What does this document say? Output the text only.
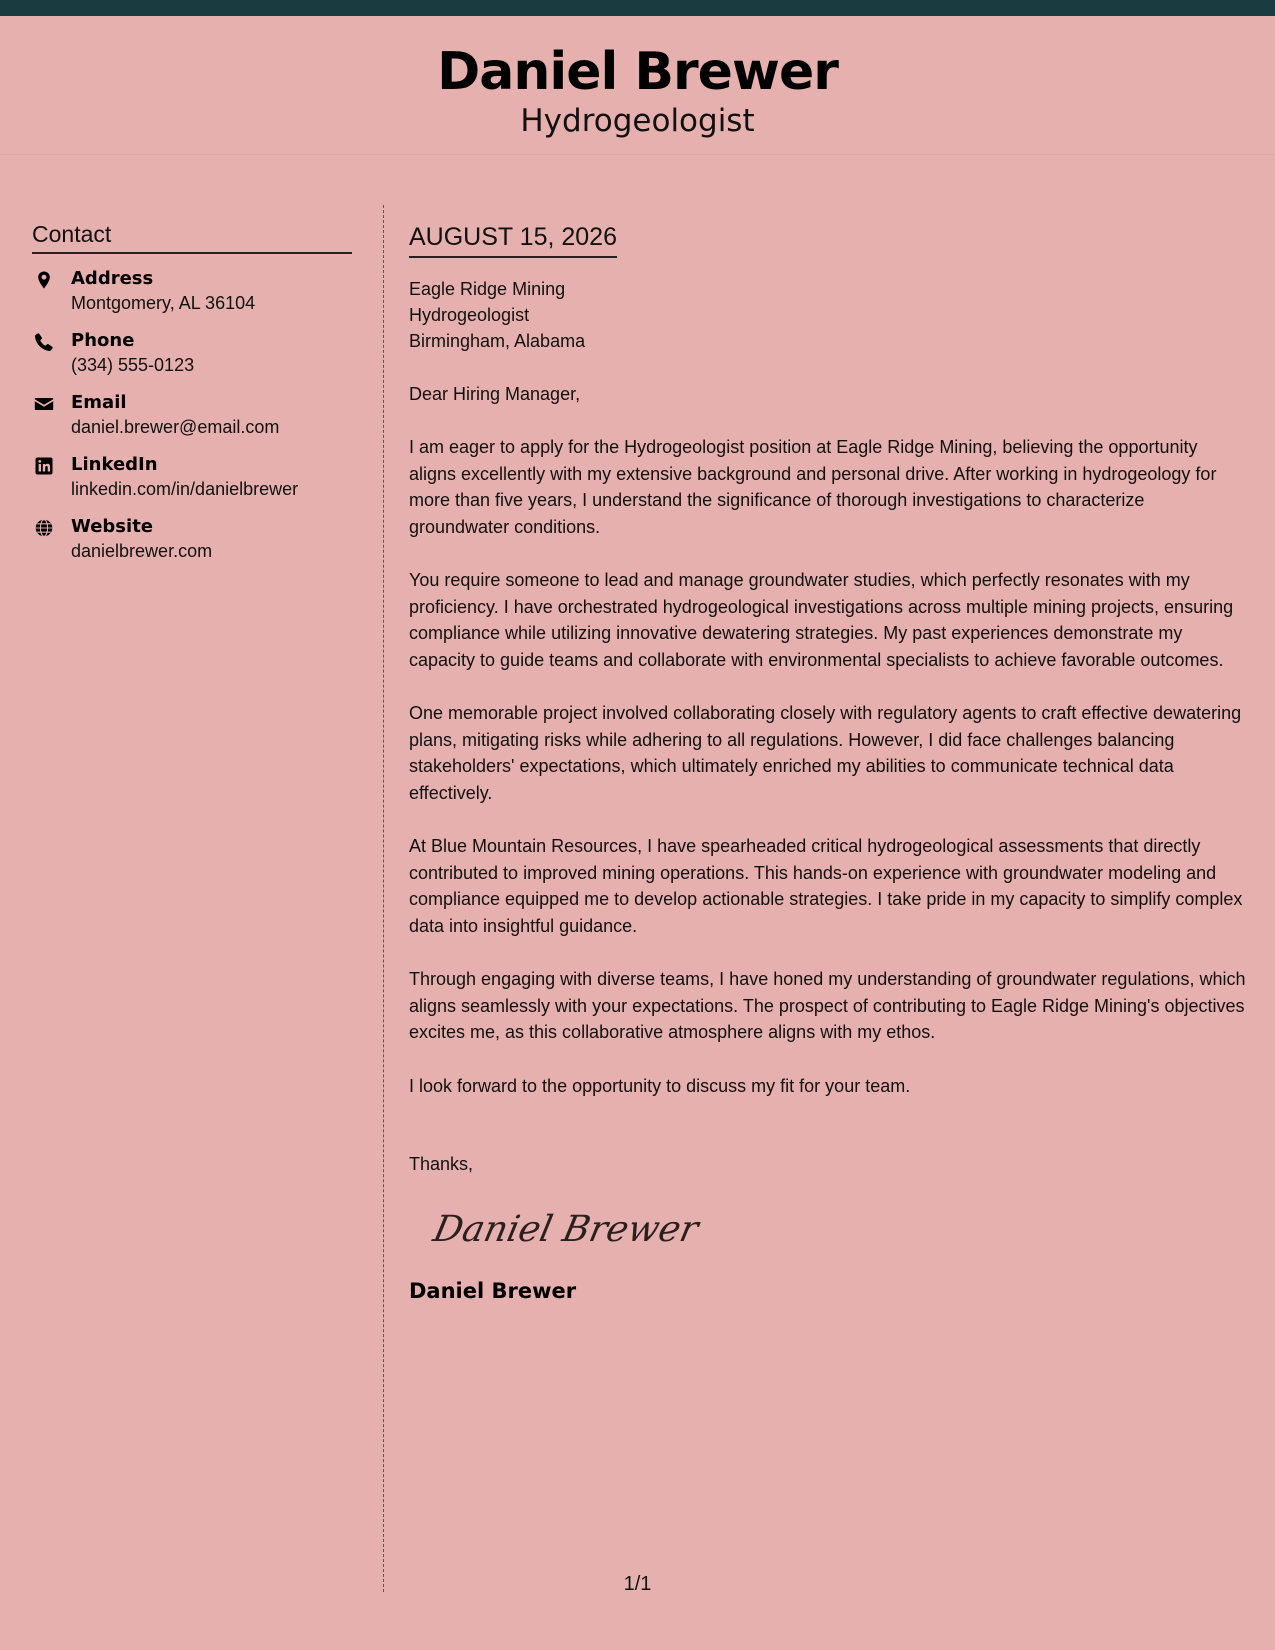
Daniel Brewer
Hydrogeologist
Contact
Address
Montgomery, AL 36104
Phone
(334) 555-0123
Email
daniel.brewer@email.com
LinkedIn
linkedin.com/in/danielbrewer
Website
danielbrewer.com
AUGUST 15, 2026
Eagle Ridge Mining
Hydrogeologist
Birmingham, Alabama
Dear Hiring Manager,
I am eager to apply for the Hydrogeologist position at Eagle Ridge Mining, believing the opportunity aligns excellently with my extensive background and personal drive. After working in hydrogeology for more than five years, I understand the significance of thorough investigations to characterize groundwater conditions.
You require someone to lead and manage groundwater studies, which perfectly resonates with my proficiency. I have orchestrated hydrogeological investigations across multiple mining projects, ensuring compliance while utilizing innovative dewatering strategies. My past experiences demonstrate my capacity to guide teams and collaborate with environmental specialists to achieve favorable outcomes.
One memorable project involved collaborating closely with regulatory agents to craft effective dewatering plans, mitigating risks while adhering to all regulations. However, I did face challenges balancing stakeholders' expectations, which ultimately enriched my abilities to communicate technical data effectively.
At Blue Mountain Resources, I have spearheaded critical hydrogeological assessments that directly contributed to improved mining operations. This hands-on experience with groundwater modeling and compliance equipped me to develop actionable strategies. I take pride in my capacity to simplify complex data into insightful guidance.
Through engaging with diverse teams, I have honed my understanding of groundwater regulations, which aligns seamlessly with your expectations. The prospect of contributing to Eagle Ridge Mining's objectives excites me, as this collaborative atmosphere aligns with my ethos.
I look forward to the opportunity to discuss my fit for your team.
Thanks,
Daniel Brewer
Daniel Brewer
1/1
